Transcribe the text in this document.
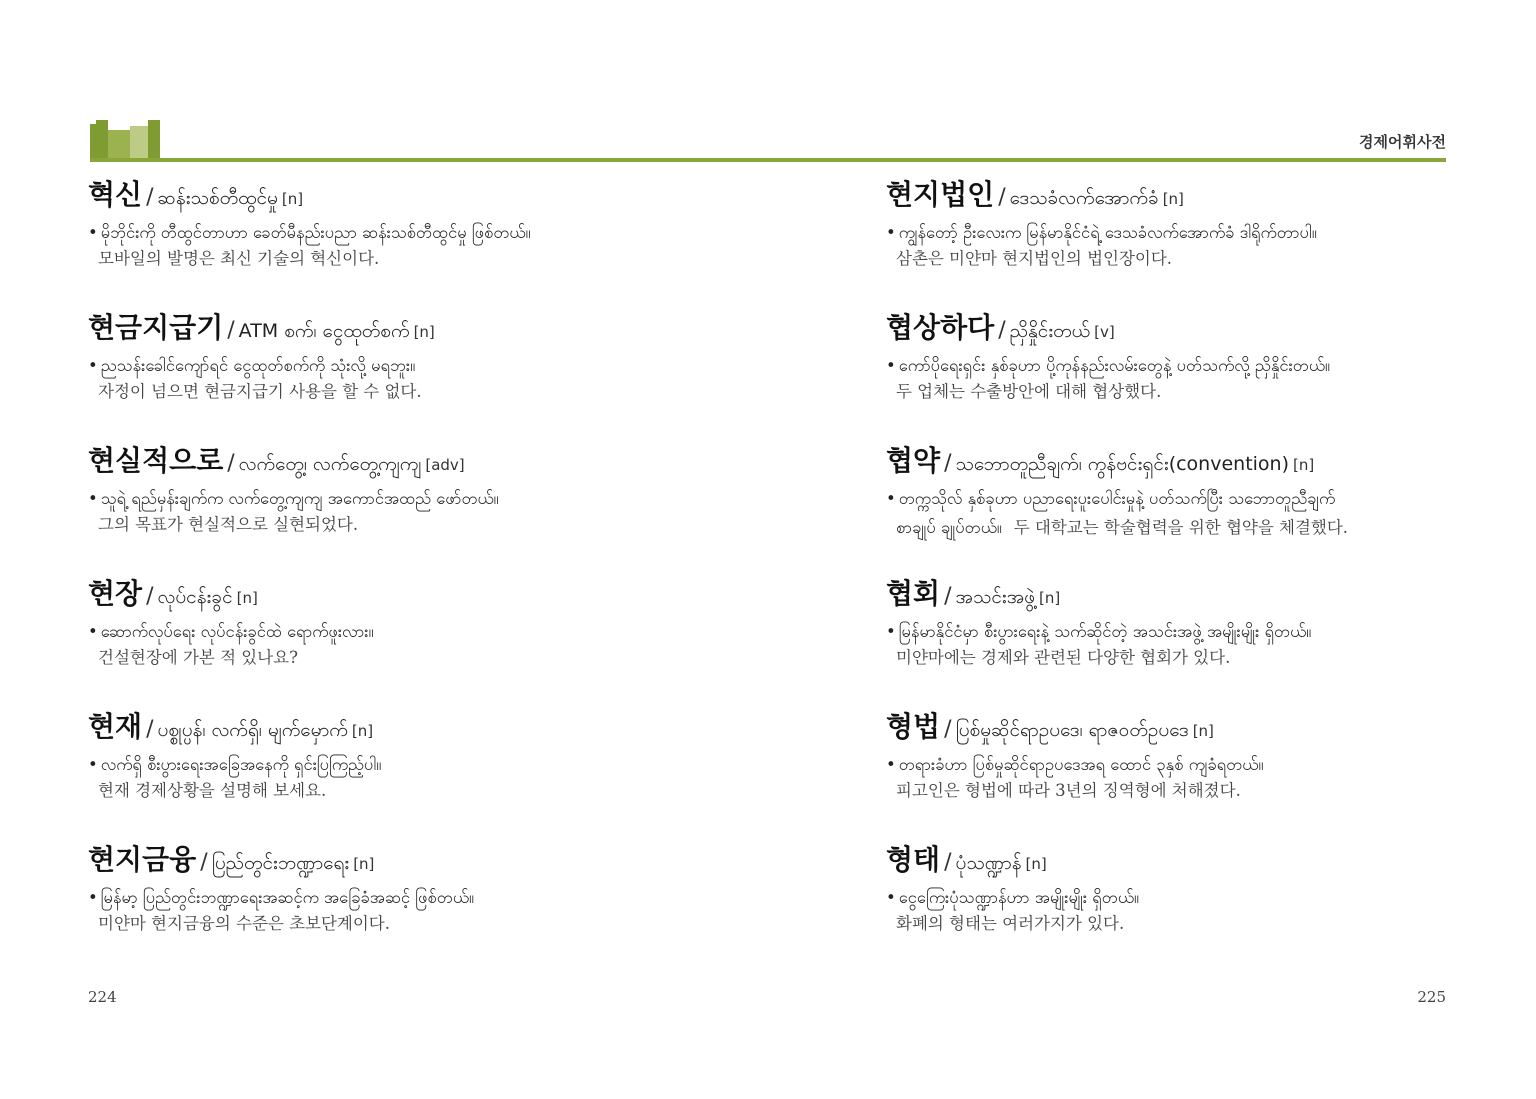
경제어휘사전
혁신 / ဆန်းသစ်တီထွင်မှု [n]
• မိုဘိုင်းကို တီထွင်တာဟာ ခေတ်မီနည်းပညာ ဆန်းသစ်တီထွင်မှု ဖြစ်တယ်။
모바일의 발명은 최신 기술의 혁신이다.
현금지급기 / ATM စက်၊ ငွေထုတ်စက် [n]
• ညသန်းခေါင်ကျော်ရင် ငွေထုတ်စက်ကို သုံးလို့ မရဘူး။
자정이 넘으면 현금지급기 사용을 할 수 없다.
현실적으로 / လက်တွေ့၊ လက်တွေ့ကျကျ [adv]
• သူရဲ့ ရည်မှန်းချက်က လက်တွေ့ကျကျ အကောင်အထည် ဖော်တယ်။
그의 목표가 현실적으로 실현되었다.
현장 / လုပ်ငန်းခွင် [n]
• ဆောက်လုပ်ရေး လုပ်ငန်းခွင်ထဲ ရောက်ဖူးလား။
건설현장에 가본 적 있나요?
현재 / ပစ္စုပ္ပန်၊ လက်ရှိ၊ မျက်မှောက် [n]
• လက်ရှိ စီးပွားရေးအခြေအနေကို ရှင်းပြကြည့်ပါ။
현재 경제상황을 설명해 보세요.
현지금융 / ပြည်တွင်းဘဏ္ဍာရေး [n]
• မြန်မာ့ ပြည်တွင်းဘဏ္ဍာရေးအဆင့်က အခြေခံအဆင့် ဖြစ်တယ်။
미얀마 현지금융의 수준은 초보단계이다.
현지법인 / ဒေသခံလက်အောက်ခံ [n]
• ကျွန်တော့် ဦးလေးက မြန်မာနိုင်ငံရဲ့ ဒေသခံလက်အောက်ခံ ဒါရိုက်တာပါ။
삼촌은 미얀마 현지법인의 법인장이다.
협상하다 / ညှိနှိုင်းတယ် [v]
• ကော်ပိုရေးရှင်း နှစ်ခုဟာ ပို့ကုန်နည်းလမ်းတွေနဲ့ ပတ်သက်လို့ ညှိနှိုင်းတယ်။
두 업체는 수출방안에 대해 협상했다.
협약 / သဘောတူညီချက်၊ ကွန်ဗင်းရှင်း(convention) [n]
• တက္ကသိုလ် နှစ်ခုဟာ ပညာရေးပူးပေါင်းမှုနဲ့ ပတ်သက်ပြီး သဘောတူညီချက်
စာချုပ် ချုပ်တယ်။ 두 대학교는 학술협력을 위한 협약을 체결했다.
협회 / အသင်းအဖွဲ့ [n]
• မြန်မာနိုင်ငံမှာ စီးပွားရေးနဲ့ သက်ဆိုင်တဲ့ အသင်းအဖွဲ့ အမျိုးမျိုး ရှိတယ်။
미얀마에는 경제와 관련된 다양한 협회가 있다.
형법 / ပြစ်မှုဆိုင်ရာဥပဒေ၊ ရာဇဝတ်ဥပဒေ [n]
• တရားခံဟာ ပြစ်မှုဆိုင်ရာဥပဒေအရ ထောင် ၃နှစ် ကျခံရတယ်။
피고인은 형법에 따라 3년의 징역형에 처해졌다.
형태 / ပုံသဏ္ဍာန် [n]
• ငွေကြေးပုံသဏ္ဍာန်ဟာ အမျိုးမျိုး ရှိတယ်။
화폐의 형태는 여러가지가 있다.
224	225
